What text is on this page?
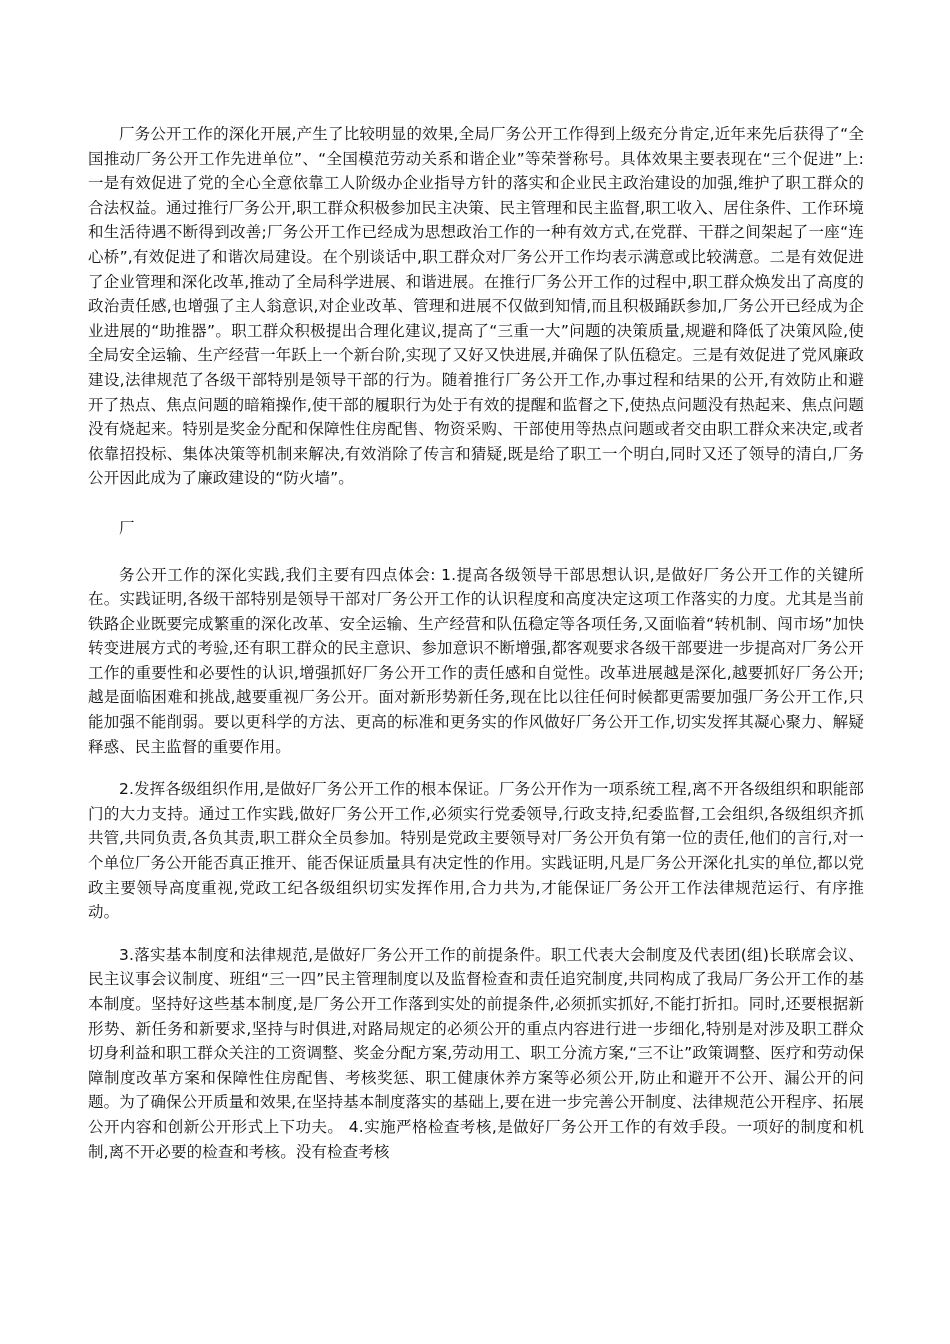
厂务公开工作的深化开展,产生了比较明显的效果,全局厂务公开工作得到上级充分肯定,近年来先后获得了“全国推动厂务公开工作先进单位”、“全国模范劳动关系和谐企业”等荣誉称号。具体效果主要表现在“三个促进”上:一是有效促进了党的全心全意依靠工人阶级办企业指导方针的落实和企业民主政治建设的加强,维护了职工群众的合法权益。通过推行厂务公开,职工群众积极参加民主决策、民主管理和民主监督,职工收入、居住条件、工作环境和生活待遇不断得到改善;厂务公开工作已经成为思想政治工作的一种有效方式,在党群、干群之间架起了一座“连心桥”,有效促进了和谐次局建设。在个别谈话中,职工群众对厂务公开工作均表示满意或比较满意。二是有效促进了企业管理和深化改革,推动了全局科学进展、和谐进展。在推行厂务公开工作的过程中,职工群众焕发出了高度的政治责任感,也增强了主人翁意识,对企业改革、管理和进展不仅做到知情,而且积极踊跃参加,厂务公开已经成为企业进展的“助推器”。职工群众积极提出合理化建议,提高了“三重一大”问题的决策质量,规避和降低了决策风险,使全局安全运输、生产经营一年跃上一个新台阶,实现了又好又快进展,并确保了队伍稳定。三是有效促进了党风廉政建设,法律规范了各级干部特别是领导干部的行为。随着推行厂务公开工作,办事过程和结果的公开,有效防止和避开了热点、焦点问题的暗箱操作,使干部的履职行为处于有效的提醒和监督之下,使热点问题没有热起来、焦点问题没有烧起来。特别是奖金分配和保障性住房配售、物资采购、干部使用等热点问题或者交由职工群众来决定,或者依靠招投标、集体决策等机制来解决,有效消除了传言和猜疑,既是给了职工一个明白,同时又还了领导的清白,厂务公开因此成为了廉政建设的“防火墙”。

厂

务公开工作的深化实践,我们主要有四点体会: 1.提高各级领导干部思想认识,是做好厂务公开工作的关键所在。实践证明,各级干部特别是领导干部对厂务公开工作的认识程度和高度决定这项工作落实的力度。尤其是当前铁路企业既要完成繁重的深化改革、安全运输、生产经营和队伍稳定等各项任务,又面临着“转机制、闯市场”加快转变进展方式的考验,还有职工群众的民主意识、参加意识不断增强,都客观要求各级干部要进一步提高对厂务公开工作的重要性和必要性的认识,增强抓好厂务公开工作的责任感和自觉性。改革进展越是深化,越要抓好厂务公开;越是面临困难和挑战,越要重视厂务公开。面对新形势新任务,现在比以往任何时候都更需要加强厂务公开工作,只能加强不能削弱。要以更科学的方法、更高的标准和更务实的作风做好厂务公开工作,切实发挥其凝心聚力、解疑释惑、民主监督的重要作用。

2.发挥各级组织作用,是做好厂务公开工作的根本保证。厂务公开作为一项系统工程,离不开各级组织和职能部门的大力支持。通过工作实践,做好厂务公开工作,必须实行党委领导,行政支持,纪委监督,工会组织,各级组织齐抓共管,共同负责,各负其责,职工群众全员参加。特别是党政主要领导对厂务公开负有第一位的责任,他们的言行,对一个单位厂务公开能否真正推开、能否保证质量具有决定性的作用。实践证明,凡是厂务公开深化扎实的单位,都以党政主要领导高度重视,党政工纪各级组织切实发挥作用,合力共为,才能保证厂务公开工作法律规范运行、有序推动。

3.落实基本制度和法律规范,是做好厂务公开工作的前提条件。职工代表大会制度及代表团(组)长联席会议、民主议事会议制度、班组“三一四”民主管理制度以及监督检查和责任追究制度,共同构成了我局厂务公开工作的基本制度。坚持好这些基本制度,是厂务公开工作落到实处的前提条件,必须抓实抓好,不能打折扣。同时,还要根据新形势、新任务和新要求,坚持与时俱进,对路局规定的必须公开的重点内容进行进一步细化,特别是对涉及职工群众切身利益和职工群众关注的工资调整、奖金分配方案,劳动用工、职工分流方案,“三不让”政策调整、医疗和劳动保障制度改革方案和保障性住房配售、考核奖惩、职工健康休养方案等必须公开,防止和避开不公开、漏公开的问题。为了确保公开质量和效果,在坚持基本制度落实的基础上,要在进一步完善公开制度、法律规范公开程序、拓展公开内容和创新公开形式上下功夫。 4.实施严格检查考核,是做好厂务公开工作的有效手段。一项好的制度和机制,离不开必要的检查和考核。没有检查考核
